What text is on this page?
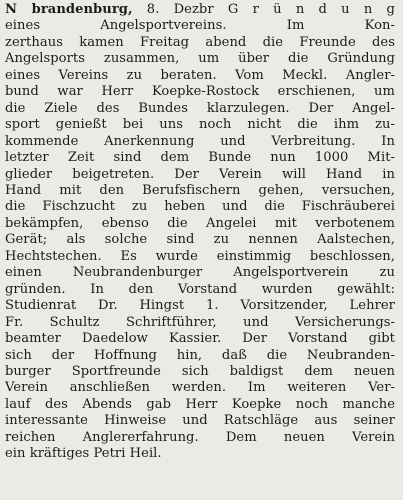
N brandenburg, 8. Dezbr G r ü n d u n g
eines Angelsportvereins. Im Kon-
zerthaus kamen Freitag abend die Freunde des
Angelsports zusammen, um über die Gründung
eines Vereins zu beraten. Vom Meckl. Angler-
bund war Herr Koepke-Rostock erschienen, um
die Ziele des Bundes klarzulegen. Der Angel-
sport genießt bei uns noch nicht die ihm zu-
kommende Anerkennung und Verbreitung. In
letzter Zeit sind dem Bunde nun 1000 Mit-
glieder beigetreten. Der Verein will Hand in
Hand mit den Berufsfischern gehen, versuchen,
die Fischzucht zu heben und die Fischräuberei
bekämpfen, ebenso die Angelei mit verbotenem
Gerät; als solche sind zu nennen Aalstechen,
Hechtstechen. Es wurde einstimmig beschlossen,
einen Neubrandenburger Angelsportverein zu
gründen. In den Vorstand wurden gewählt:
Studienrat Dr. Hingst 1. Vorsitzender, Lehrer
Fr. Schultz Schriftführer, und Versicherungs-
beamter Daedelow Kassier. Der Vorstand gibt
sich der Hoffnung hin, daß die Neubranden-
burger Sportfreunde sich baldigst dem neuen
Verein anschließen werden. Im weiteren Ver-
lauf des Abends gab Herr Koepke noch manche
interessante Hinweise und Ratschläge aus seiner
reichen Anglererfahrung. Dem neuen Verein
ein kräftiges Petri Heil.
